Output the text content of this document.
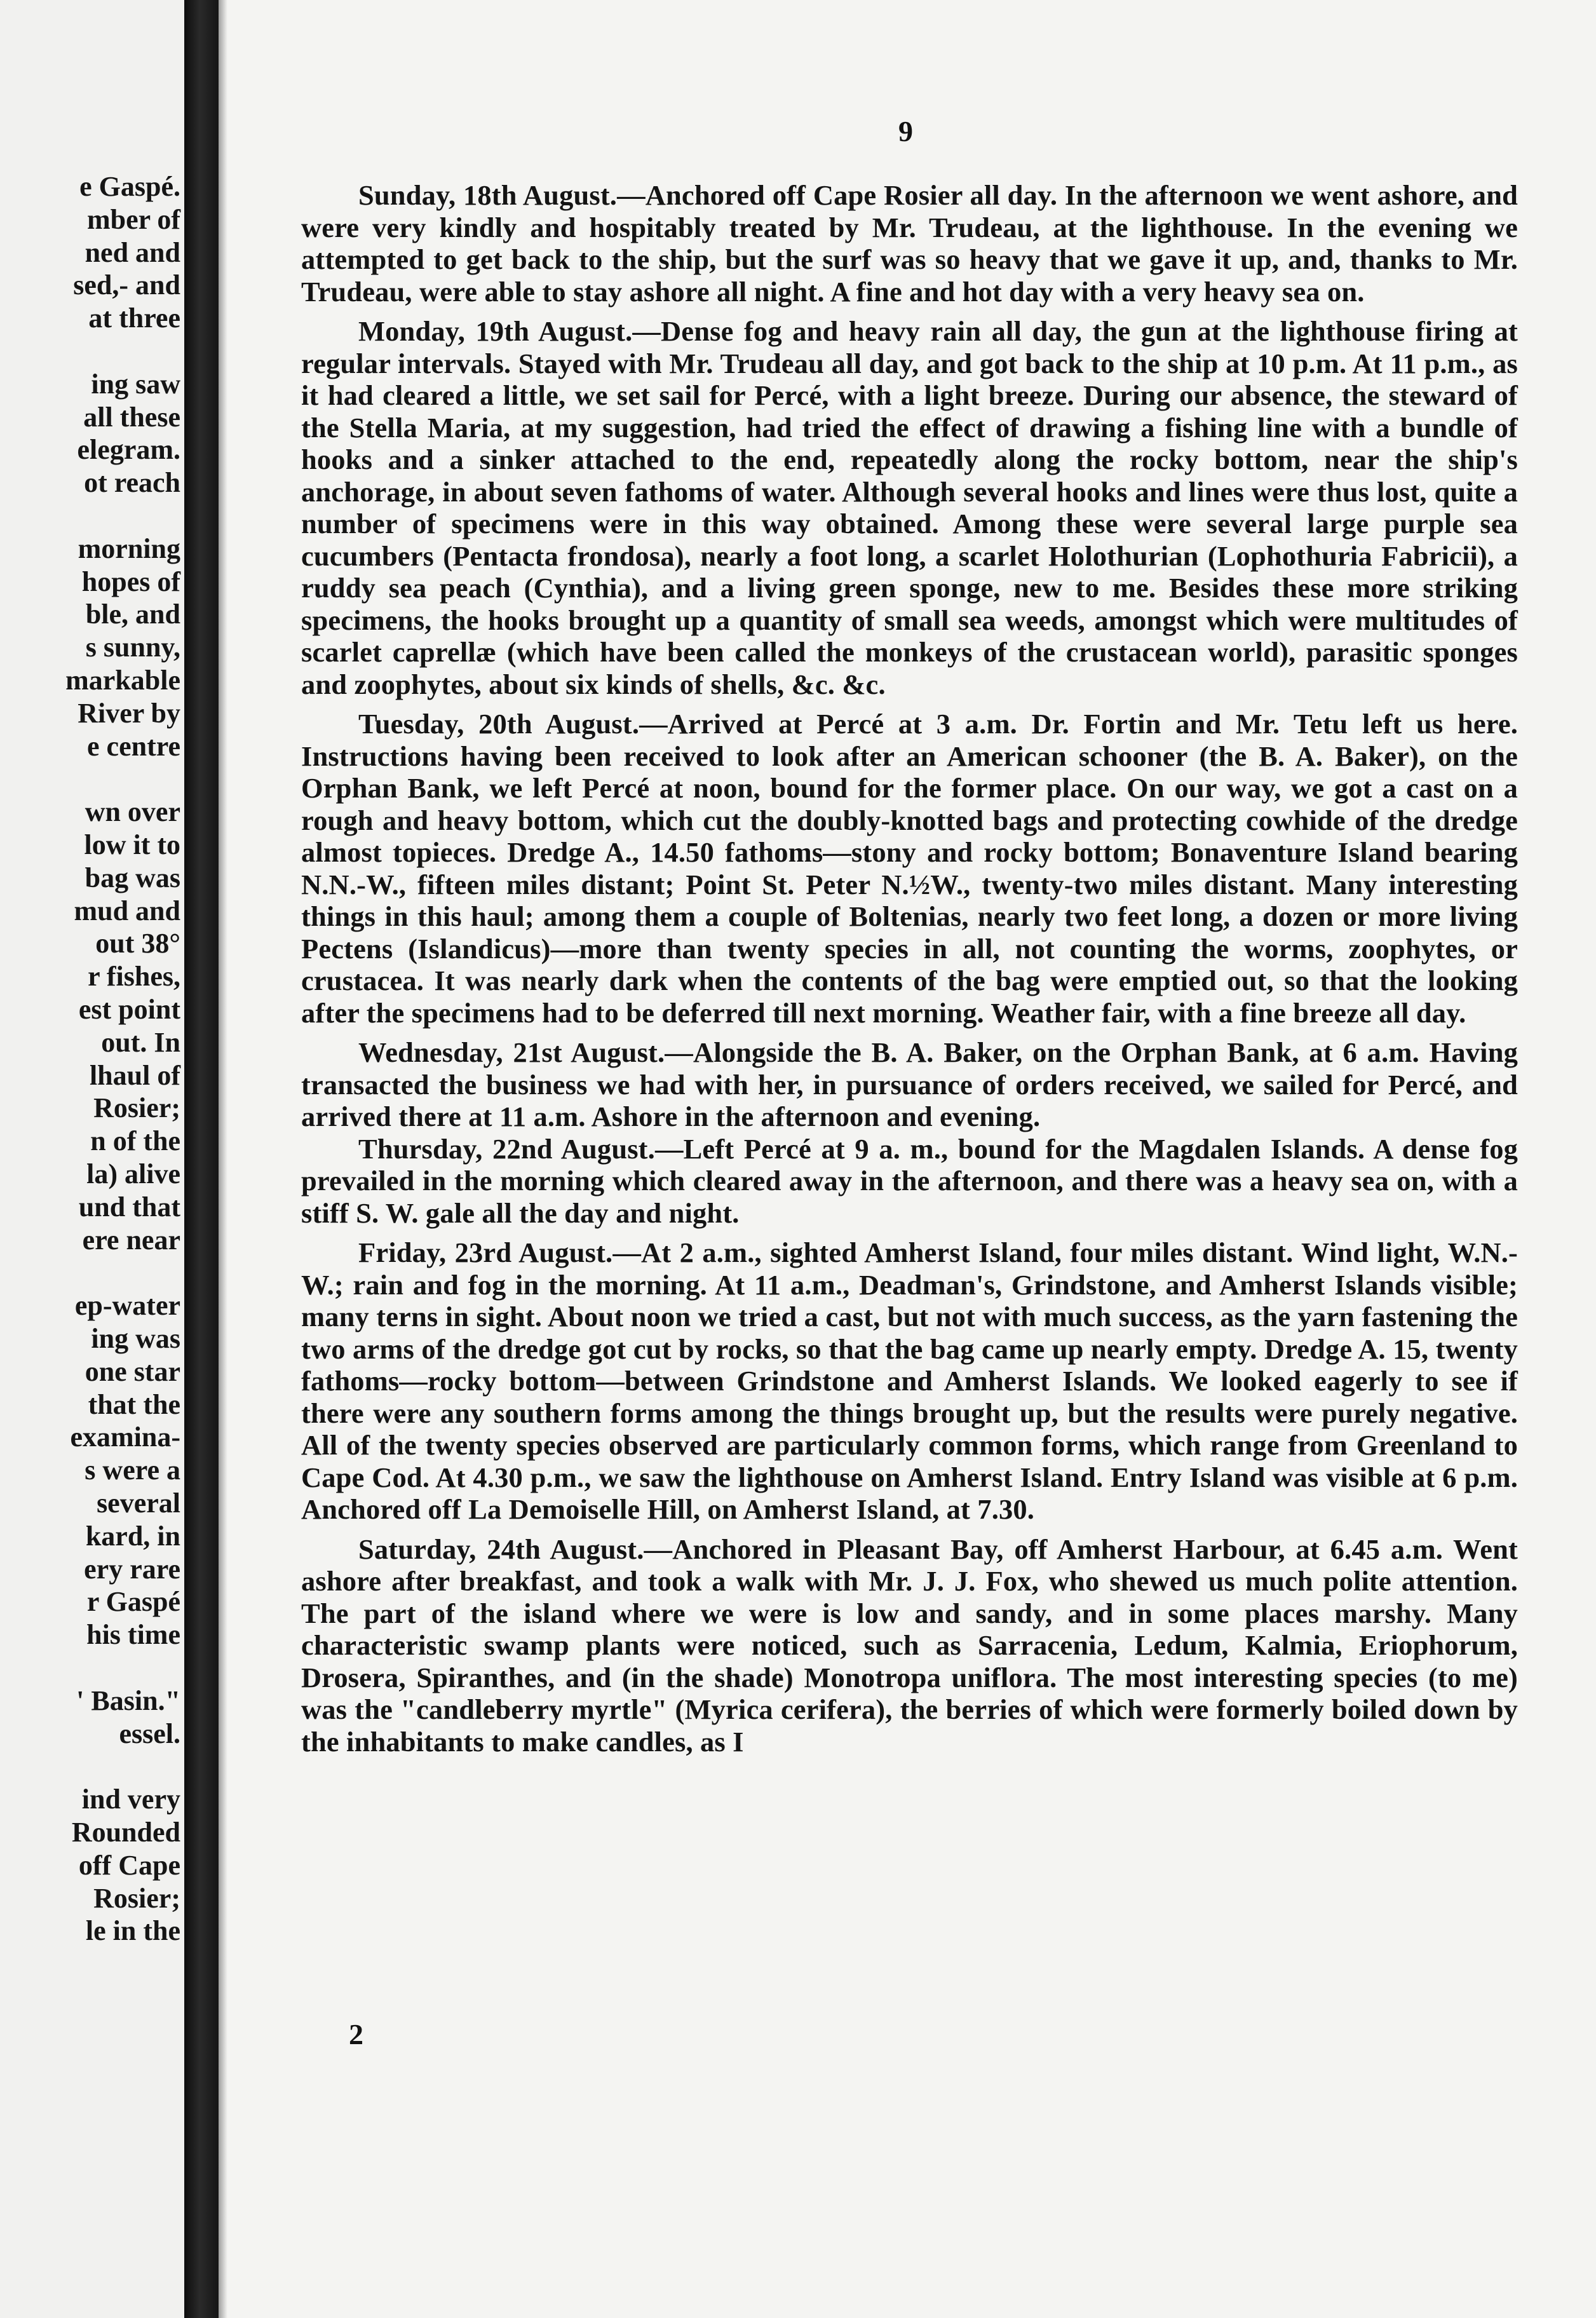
e Gaspé.
mber of
ned and
sed,- and
at three
ing saw
all these
elegram.
ot reach
morning
hopes of
ble, and
s sunny,
markable
River by
e centre
wn over
low it to
bag was
mud and
out 38°
r fishes,
est point
out. In
lhaul of
Rosier;
n of the
la) alive
und that
ere near
ep-water
ing was
one star
that the
examina-
s were a
several
kard, in
ery rare
r Gaspé
his time
' Basin."
essel.
ind very
Rounded
off Cape
Rosier;
le in the
9

Sunday, 18th August.—Anchored off Cape Rosier all day. In the afternoon we went ashore, and were very kindly and hospitably treated by Mr. Trudeau, at the lighthouse. In the evening we attempted to get back to the ship, but the surf was so heavy that we gave it up, and, thanks to Mr. Trudeau, were able to stay ashore all night. A fine and hot day with a very heavy sea on.

Monday, 19th August.—Dense fog and heavy rain all day, the gun at the lighthouse firing at regular intervals. Stayed with Mr. Trudeau all day, and got back to the ship at 10 p.m. At 11 p.m., as it had cleared a little, we set sail for Percé, with a light breeze. During our absence, the steward of the Stella Maria, at my suggestion, had tried the effect of drawing a fishing line with a bundle of hooks and a sinker attached to the end, repeatedly along the rocky bottom, near the ship's anchorage, in about seven fathoms of water. Although several hooks and lines were thus lost, quite a number of specimens were in this way obtained. Among these were several large purple sea cucumbers (Pentacta frondosa), nearly a foot long, a scarlet Holothurian (Lophothuria Fabricii), a ruddy sea peach (Cynthia), and a living green sponge, new to me. Besides these more striking specimens, the hooks brought up a quantity of small sea weeds, amongst which were multitudes of scarlet caprellæ (which have been called the monkeys of the crustacean world), parasitic sponges and zoophytes, about six kinds of shells, &c. &c.

Tuesday, 20th August.—Arrived at Percé at 3 a.m. Dr. Fortin and Mr. Tetu left us here. Instructions having been received to look after an American schooner (the B. A. Baker), on the Orphan Bank, we left Percé at noon, bound for the former place. On our way, we got a cast on a rough and heavy bottom, which cut the doubly-knotted bags and protecting cowhide of the dredge almost topieces. Dredge A., 14.50 fathoms—stony and rocky bottom; Bonaventure Island bearing N.N.-W., fifteen miles distant; Point St. Peter N.½W., twenty-two miles distant. Many interesting things in this haul; among them a couple of Boltenias, nearly two feet long, a dozen or more living Pectens (Islandicus)—more than twenty species in all, not counting the worms, zoophytes, or crustacea. It was nearly dark when the contents of the bag were emptied out, so that the looking after the specimens had to be deferred till next morning. Weather fair, with a fine breeze all day.

Wednesday, 21st August.—Alongside the B. A. Baker, on the Orphan Bank, at 6 a.m. Having transacted the business we had with her, in pursuance of orders received, we sailed for Percé, and arrived there at 11 a.m. Ashore in the afternoon and evening.

Thursday, 22nd August.—Left Percé at 9 a. m., bound for the Magdalen Islands. A dense fog prevailed in the morning which cleared away in the afternoon, and there was a heavy sea on, with a stiff S. W. gale all the day and night.

Friday, 23rd August.—At 2 a.m., sighted Amherst Island, four miles distant. Wind light, W.N.-W.; rain and fog in the morning. At 11 a.m., Deadman's, Grindstone, and Amherst Islands visible; many terns in sight. About noon we tried a cast, but not with much success, as the yarn fastening the two arms of the dredge got cut by rocks, so that the bag came up nearly empty. Dredge A. 15, twenty fathoms—rocky bottom—between Grindstone and Amherst Islands. We looked eagerly to see if there were any southern forms among the things brought up, but the results were purely negative. All of the twenty species observed are particularly common forms, which range from Greenland to Cape Cod. At 4.30 p.m., we saw the lighthouse on Amherst Island. Entry Island was visible at 6 p.m. Anchored off La Demoiselle Hill, on Amherst Island, at 7.30.

Saturday, 24th August.—Anchored in Pleasant Bay, off Amherst Harbour, at 6.45 a.m. Went ashore after breakfast, and took a walk with Mr. J. J. Fox, who shewed us much polite attention. The part of the island where we were is low and sandy, and in some places marshy. Many characteristic swamp plants were noticed, such as Sarracenia, Ledum, Kalmia, Eriophorum, Drosera, Spiranthes, and (in the shade) Monotropa uniflora. The most interesting species (to me) was the "candleberry myrtle" (Myrica cerifera), the berries of which were formerly boiled down by the inhabitants to make candles, as I

2
